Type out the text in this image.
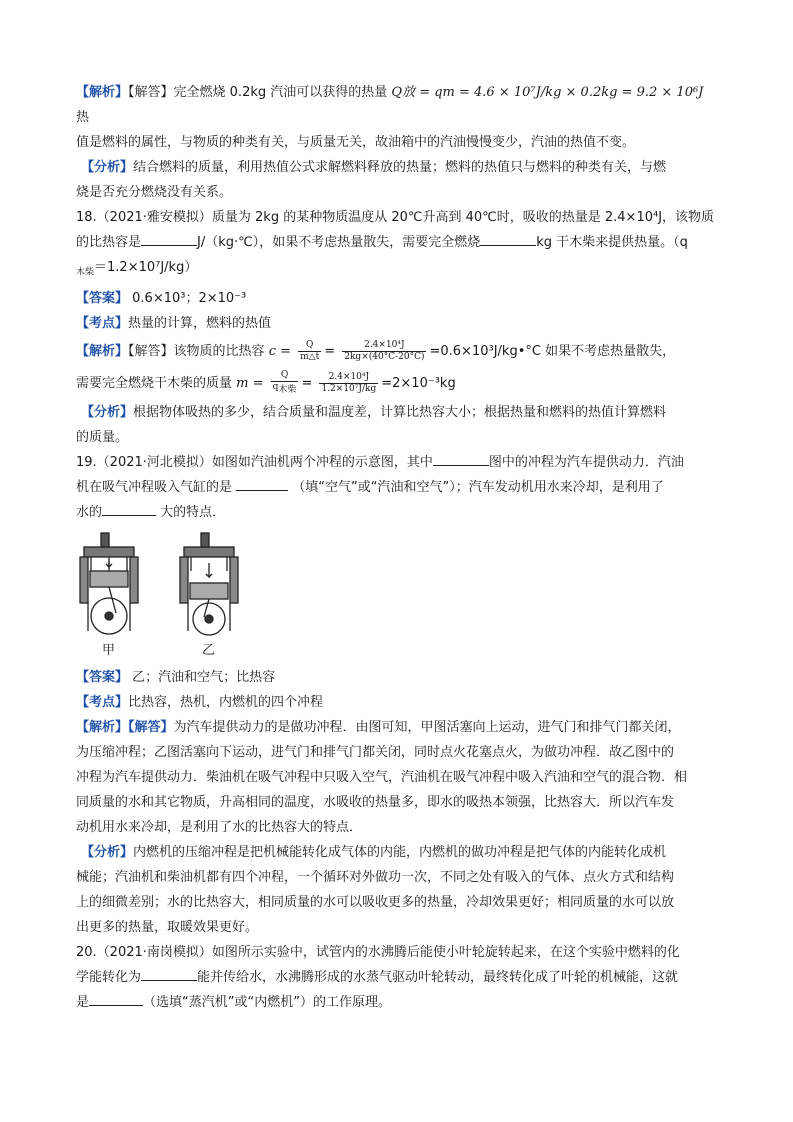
【解析】【解答】完全燃烧 0.2kg 汽油可以获得的热量 Q放 = qm = 4.6 × 10⁷J/kg × 0.2kg = 9.2 × 10⁶J 热

值是燃料的属性，与物质的种类有关，与质量无关，故油箱中的汽油慢慢变少，汽油的热值不变。

【分析】结合燃料的质量，利用热值公式求解燃料释放的热量；燃料的热值只与燃料的种类有关，与燃

烧是否充分燃烧没有关系。

18.（2021·雅安模拟）质量为 2kg 的某种物质温度从 20℃升高到 40℃时，吸收的热量是 2.4×10⁴J，该物质

的比热容是	J/（kg·℃），如果不考虑热量散失，需要完全燃烧	kg 干木柴来提供热量。（q

$_{木柴}$＝1.2×10⁷J/kg）

【答案】 0.6×10³；2×10⁻³

【考点】热量的计算，燃料的热值

【解析】【解答】该物质的比热容 $c = \frac{Q}{m\triangle t} = \frac{\text{2.4×10⁴J}}{2kg\times(40^\circ C-20^\circ C)}$ =0.6×10³J/kg•°C 如果不考虑热量散失，

需要完全燃烧干木柴的质量 $m = \frac{Q}{\text{q木柴}} = \frac{\text{2.4×10⁴J}}{\text{1.2×10⁷J/kg}} =2\times 10^{-3}kg$

【分析】根据物体吸热的多少，结合质量和温度差，计算比热容大小；根据热量和燃料的热值计算燃料

的质量。

19.（2021·河北模拟）如图如汽油机两个冲程的示意图，其中	图中的冲程为汽车提供动力．汽油

机在吸气冲程吸入气缸的是	（填“空气”或“汽油和空气”）；汽车发动机用水来冷却，是利用了

水的	大的特点．

甲	乙

【答案】 乙；汽油和空气；比热容

【考点】比热容，热机，内燃机的四个冲程

【解析】【解答】为汽车提供动力的是做功冲程．由图可知，甲图活塞向上运动，进气门和排气门都关闭，

为压缩冲程；乙图活塞向下运动，进气门和排气门都关闭，同时点火花塞点火，为做功冲程．故乙图中的

冲程为汽车提供动力．柴油机在吸气冲程中只吸入空气，汽油机在吸气冲程中吸入汽油和空气的混合物．相

同质量的水和其它物质，升高相同的温度，水吸收的热量多，即水的吸热本领强，比热容大．所以汽车发

动机用水来冷却，是利用了水的比热容大的特点．

【分析】内燃机的压缩冲程是把机械能转化成气体的内能，内燃机的做功冲程是把气体的内能转化成机

械能；汽油机和柴油机都有四个冲程，一个循环对外做功一次，不同之处有吸入的气体、点火方式和结构

上的细微差别；水的比热容大，相同质量的水可以吸收更多的热量，冷却效果更好；相同质量的水可以放

出更多的热量，取暖效果更好。

20.（2021·南岗模拟）如图所示实验中，试管内的水沸腾后能使小叶轮旋转起来，在这个实验中燃料的化

学能转化为	能并传给水，水沸腾形成的水蒸气驱动叶轮转动，最终转化成了叶轮的机械能，这就

是	（选填“蒸汽机”或“内燃机”）的工作原理。
